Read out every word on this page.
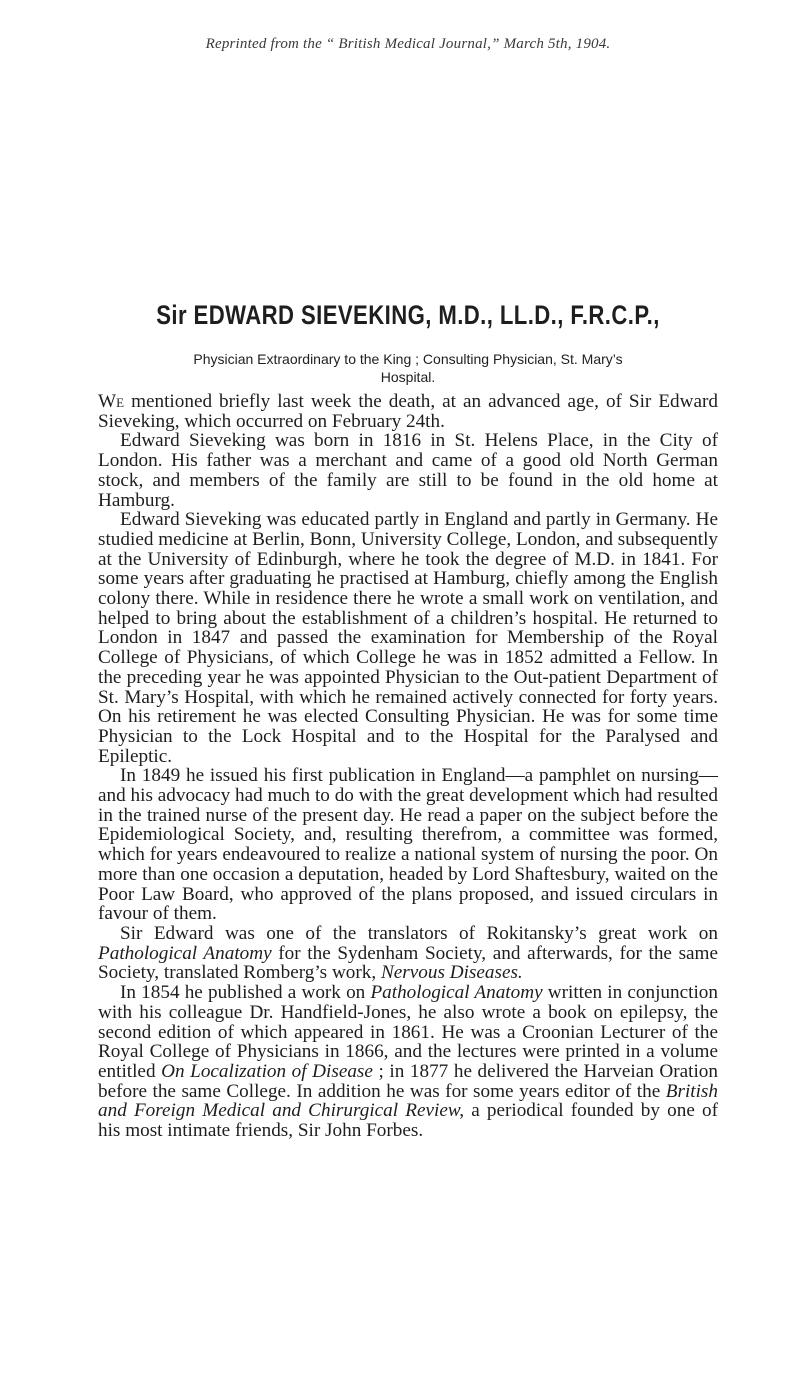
Reprinted from the “ British Medical Journal,” March 5th, 1904.
Sir EDWARD SIEVEKING, M.D., LL.D., F.R.C.P.,
Physician Extraordinary to the King ; Consulting Physician, St. Mary’s
Hospital.

We mentioned briefly last week the death, at an advanced age, of Sir Edward Sieveking, which occurred on February 24th.

Edward Sieveking was born in 1816 in St. Helens Place, in the City of London. His father was a merchant and came of a good old North German stock, and members of the family are still to be found in the old home at Hamburg.

Edward Sieveking was educated partly in England and partly in Germany. He studied medicine at Berlin, Bonn, University College, London, and subsequently at the University of Edinburgh, where he took the degree of M.D. in 1841. For some years after graduating he practised at Hamburg, chiefly among the English colony there. While in residence there he wrote a small work on ventilation, and helped to bring about the establishment of a children’s hospital. He returned to London in 1847 and passed the examination for Membership of the Royal College of Physicians, of which College he was in 1852 admitted a Fellow. In the preceding year he was appointed Physician to the Out-patient Department of St. Mary’s Hospital, with which he remained actively connected for forty years. On his retirement he was elected Consulting Physician. He was for some time Physician to the Lock Hospital and to the Hospital for the Paralysed and Epileptic.

In 1849 he issued his first publication in England—a pamphlet on nursing—and his advocacy had much to do with the great development which had resulted in the trained nurse of the present day. He read a paper on the subject before the Epidemiological Society, and, resulting therefrom, a committee was formed, which for years endeavoured to realize a national system of nursing the poor. On more than one occasion a deputation, headed by Lord Shaftesbury, waited on the Poor Law Board, who approved of the plans proposed, and issued circulars in favour of them.

Sir Edward was one of the translators of Rokitansky’s great work on Pathological Anatomy for the Sydenham Society, and afterwards, for the same Society, translated Romberg’s work, Nervous Diseases.

In 1854 he published a work on Pathological Anatomy written in conjunction with his colleague Dr. Handfield-Jones, he also wrote a book on epilepsy, the second edition of which appeared in 1861. He was a Croonian Lecturer of the Royal College of Physicians in 1866, and the lectures were printed in a volume entitled On Localization of Disease ; in 1877 he delivered the Harveian Oration before the same College. In addition he was for some years editor of the British and Foreign Medical and Chirurgical Review, a periodical founded by one of his most intimate friends, Sir John Forbes.
